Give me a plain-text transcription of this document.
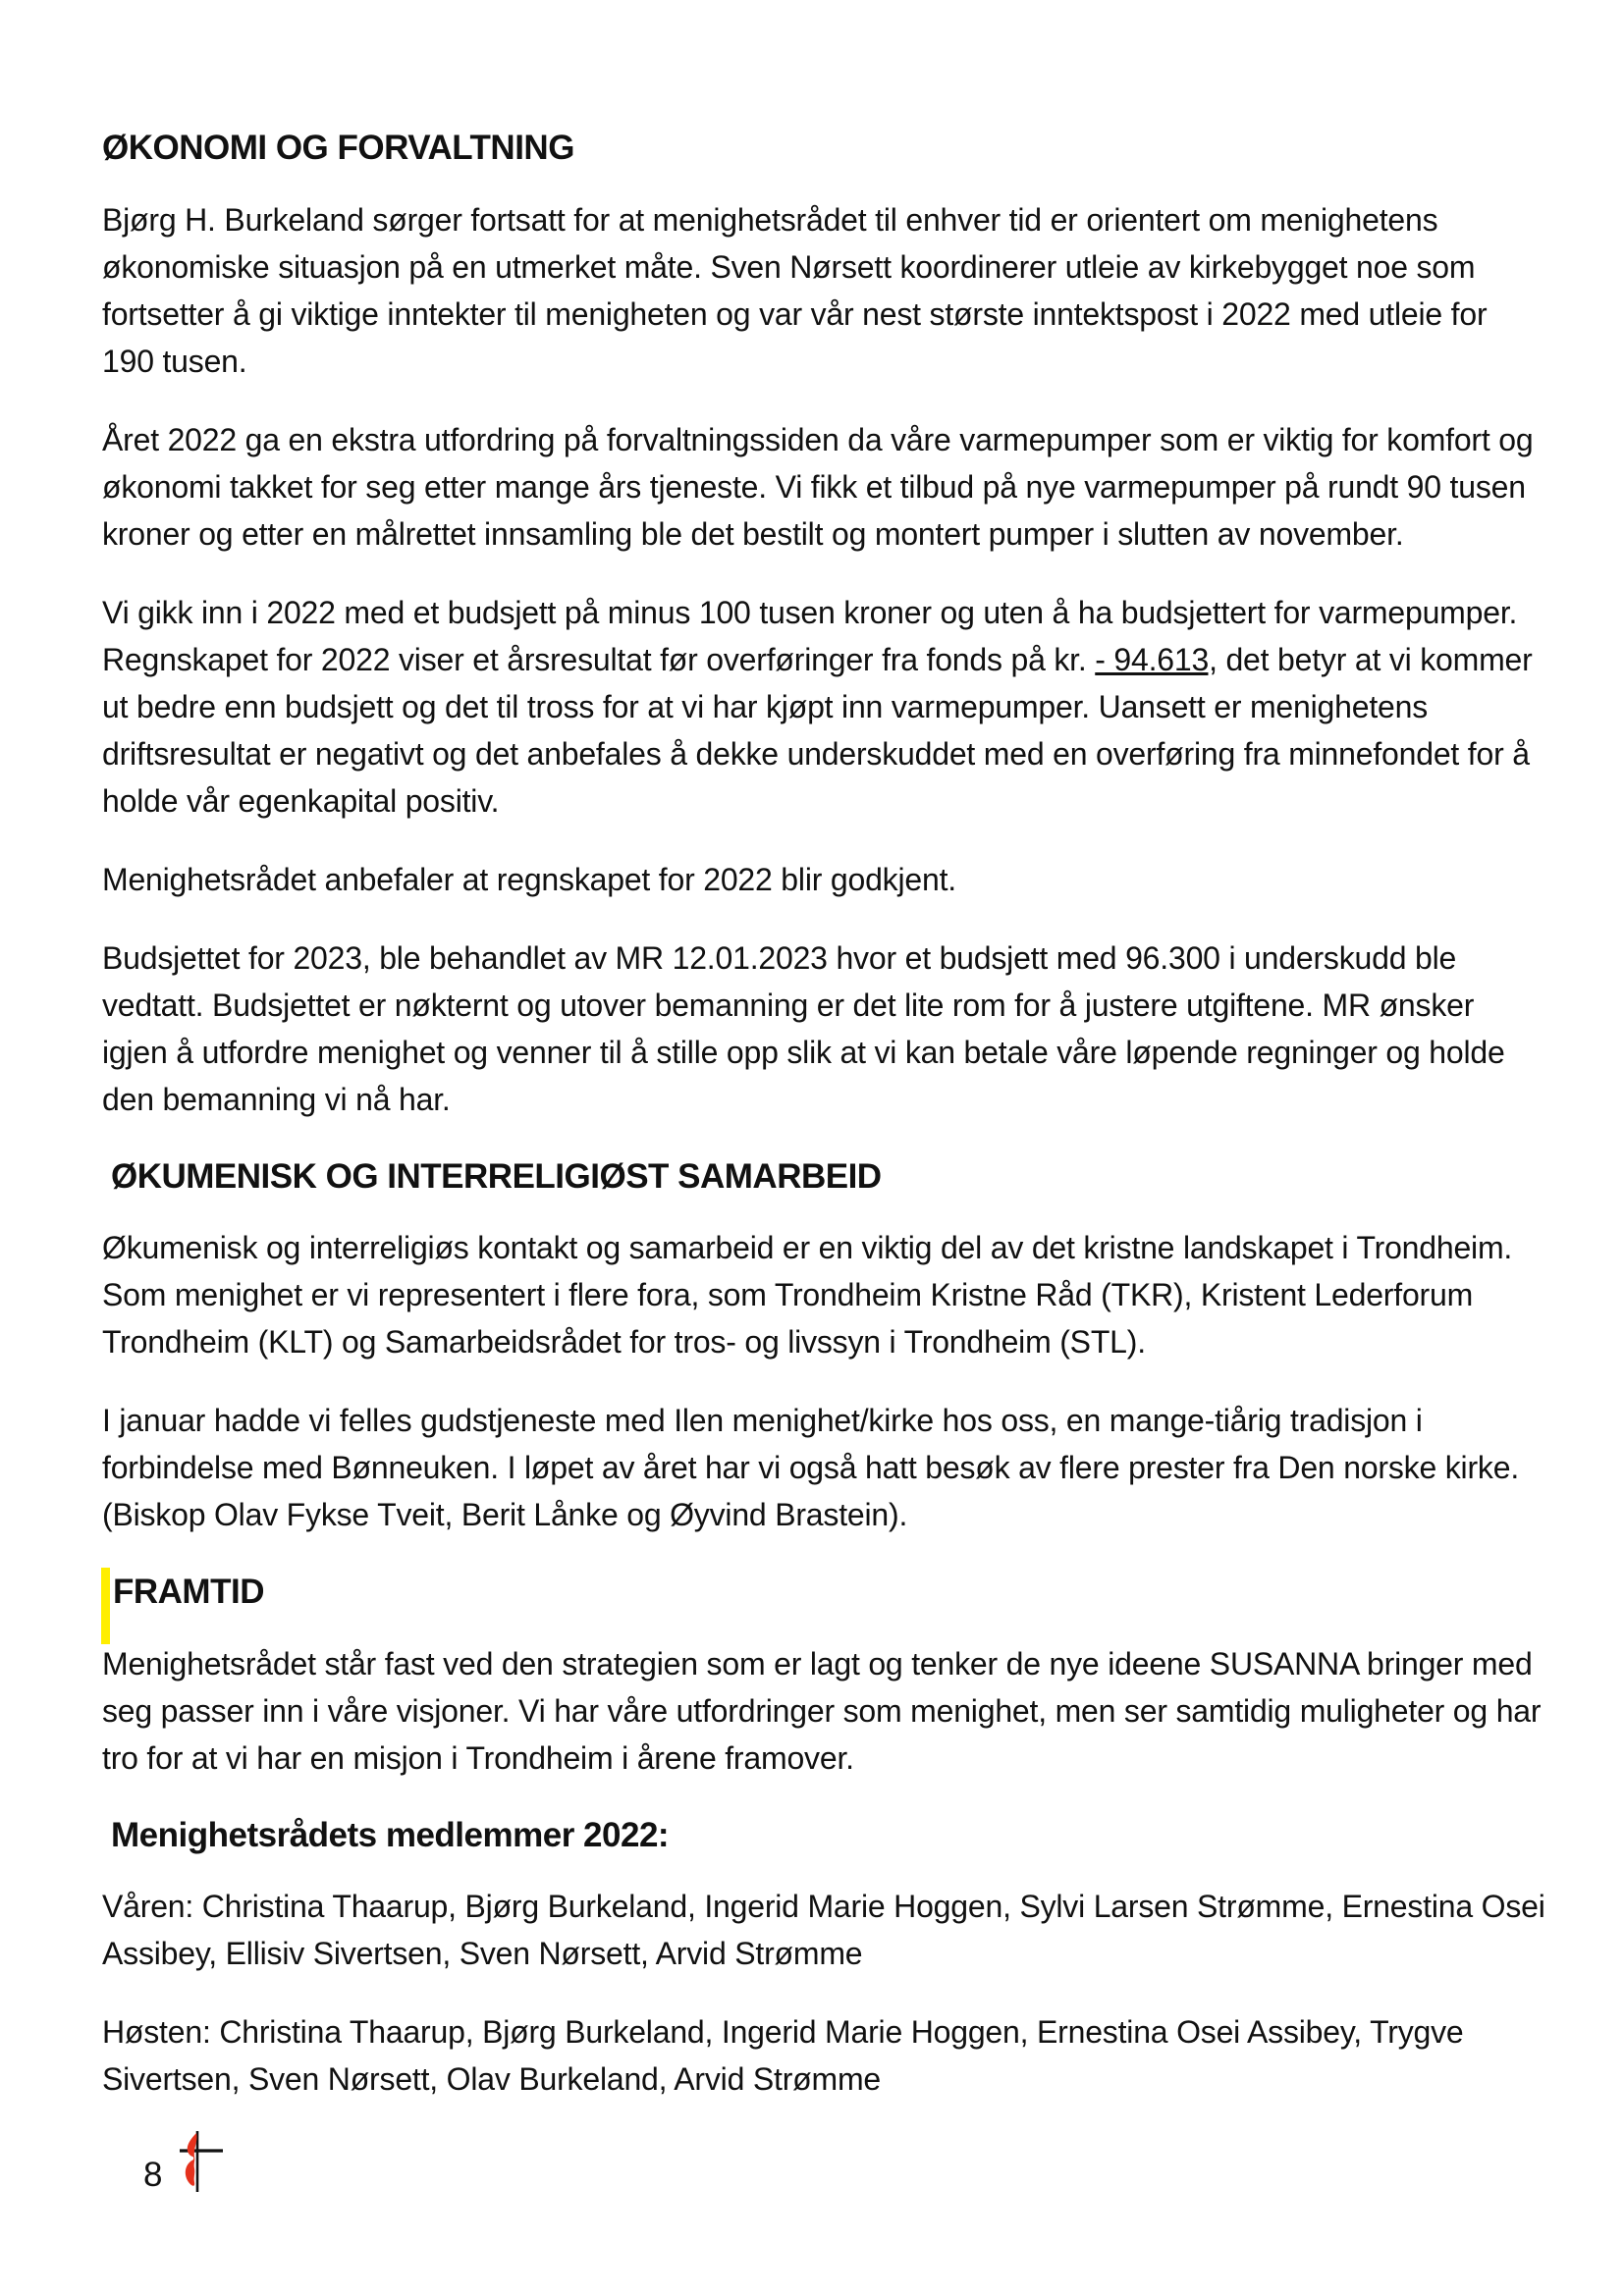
ØKONOMI OG FORVALTNING

Bjørg H. Burkeland sørger fortsatt for at menighetsrådet til enhver tid er orientert om menighetens økonomiske situasjon på en utmerket måte. Sven Nørsett koordinerer utleie av kirkebygget noe som fortsetter å gi viktige inntekter til menigheten og var vår nest største inntektspost i 2022 med utleie for 190 tusen.

Året 2022 ga en ekstra utfordring på forvaltningssiden da våre varmepumper som er viktig for komfort og økonomi takket for seg etter mange års tjeneste. Vi fikk et tilbud på nye varmepumper på rundt 90 tusen kroner og etter en målrettet innsamling ble det bestilt og montert pumper i slutten av november.

Vi gikk inn i 2022 med et budsjett på minus 100 tusen kroner og uten å ha budsjettert for varmepumper. Regnskapet for 2022 viser et årsresultat før overføringer fra fonds på kr. - 94.613, det betyr at vi kommer ut bedre enn budsjett og det til tross for at vi har kjøpt inn varmepumper. Uansett er menighetens driftsresultat er negativt og det anbefales å dekke underskuddet med en overføring fra minnefondet for å holde vår egenkapital positiv.

Menighetsrådet anbefaler at regnskapet for 2022 blir godkjent.

Budsjettet for 2023, ble behandlet av MR 12.01.2023 hvor et budsjett med 96.300 i underskudd ble vedtatt. Budsjettet er nøkternt og utover bemanning er det lite rom for å justere utgiftene. MR ønsker igjen å utfordre menighet og venner til å stille opp slik at vi kan betale våre løpende regninger og holde den bemanning vi nå har.

ØKUMENISK OG INTERRELIGIØST SAMARBEID

Økumenisk og interreligiøs kontakt og samarbeid er en viktig del av det kristne landskapet i Trondheim. Som menighet er vi representert i flere fora, som Trondheim Kristne Råd (TKR), Kristent Lederforum Trondheim (KLT) og Samarbeidsrådet for tros- og livssyn i Trondheim (STL).

I januar hadde vi felles gudstjeneste med Ilen menighet/kirke hos oss, en mange-tiårig tradisjon i forbindelse med Bønneuken. I løpet av året har vi også hatt besøk av flere prester fra Den norske kirke. (Biskop Olav Fykse Tveit, Berit Lånke og Øyvind Brastein).

FRAMTID

Menighetsrådet står fast ved den strategien som er lagt og tenker de nye ideene SUSANNA bringer med seg passer inn i våre visjoner. Vi har våre utfordringer som menighet, men ser samtidig muligheter og har tro for at vi har en misjon i Trondheim i årene framover.

Menighetsrådets medlemmer 2022:

Våren: Christina Thaarup, Bjørg Burkeland, Ingerid Marie Hoggen, Sylvi Larsen Strømme, Ernestina Osei Assibey, Ellisiv Sivertsen, Sven Nørsett, Arvid Strømme

Høsten: Christina Thaarup, Bjørg Burkeland, Ingerid Marie Hoggen, Ernestina Osei Assibey, Trygve Sivertsen, Sven Nørsett, Olav Burkeland, Arvid Strømme

8
